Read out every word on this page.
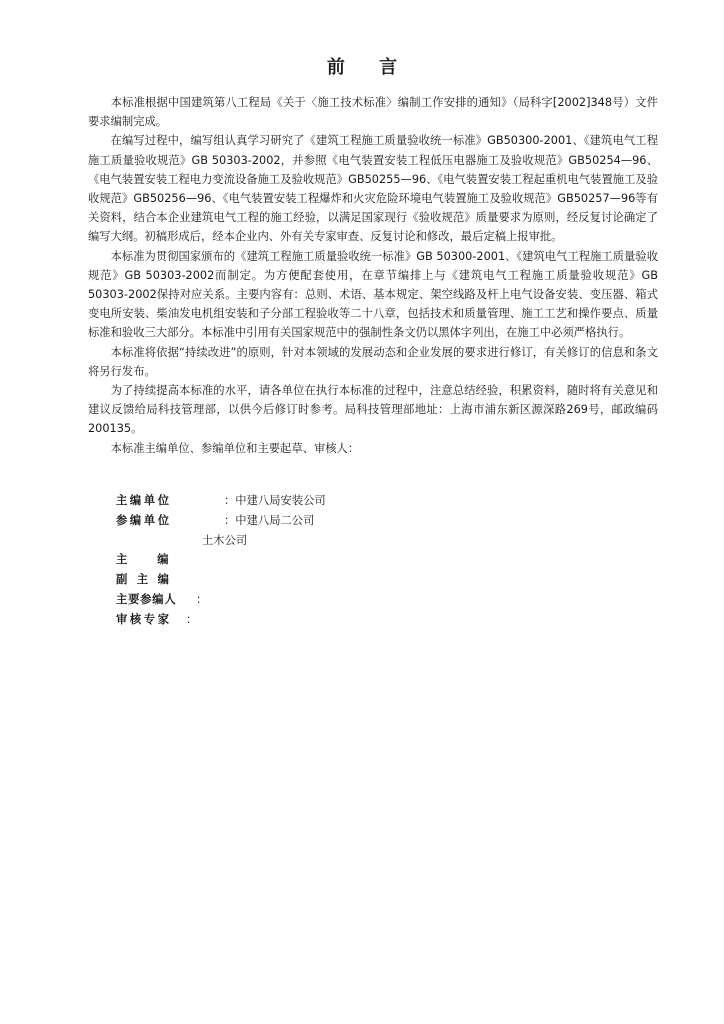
前 言

本标准根据中国建筑第八工程局《关于〈施工技术标准〉编制工作安排的通知》（局科字[2002]348号）文件要求编制完成。

在编写过程中，编写组认真学习研究了《建筑工程施工质量验收统一标准》GB50300-2001、《建筑电气工程施工质量验收规范》GB 50303-2002，并参照《电气装置安装工程低压电器施工及验收规范》GB50254—96、《电气装置安装工程电力变流设备施工及验收规范》GB50255—96、《电气装置安装工程起重机电气装置施工及验收规范》GB50256—96、《电气装置安装工程爆炸和火灾危险环境电气装置施工及验收规范》GB50257—96等有关资料，结合本企业建筑电气工程的施工经验，以满足国家现行《验收规范》质量要求为原则，经反复讨论确定了编写大纲。初稿形成后，经本企业内、外有关专家审查、反复讨论和修改，最后定稿上报审批。

本标准为贯彻国家颁布的《建筑工程施工质量验收统一标准》GB 50300-2001、《建筑电气工程施工质量验收规范》GB 50303-2002而制定。为方便配套使用，在章节编排上与《建筑电气工程施工质量验收规范》GB 50303-2002保持对应关系。主要内容有：总则、术语、基本规定、架空线路及杆上电气设备安装、变压器、箱式变电所安装、柴油发电机组安装和子分部工程验收等二十八章，包括技术和质量管理、施工工艺和操作要点、质量标准和验收三大部分。本标准中引用有关国家规范中的强制性条文仍以黑体字列出，在施工中必须严格执行。

本标准将依据“持续改进”的原则，针对本领域的发展动态和企业发展的要求进行修订，有关修订的信息和条文将另行发布。

为了持续提高本标准的水平，请各单位在执行本标准的过程中，注意总结经验，积累资料，随时将有关意见和建议反馈给局科技管理部，以供今后修订时参考。局科技管理部地址：上海市浦东新区源深路269号，邮政编码200135。

本标准主编单位、参编单位和主要起草、审核人：

主编单位	：中建八局安装公司
参编单位	：中建八局二公司
土木公司
主编
副主编
主要参编人	：
审核专家	：
